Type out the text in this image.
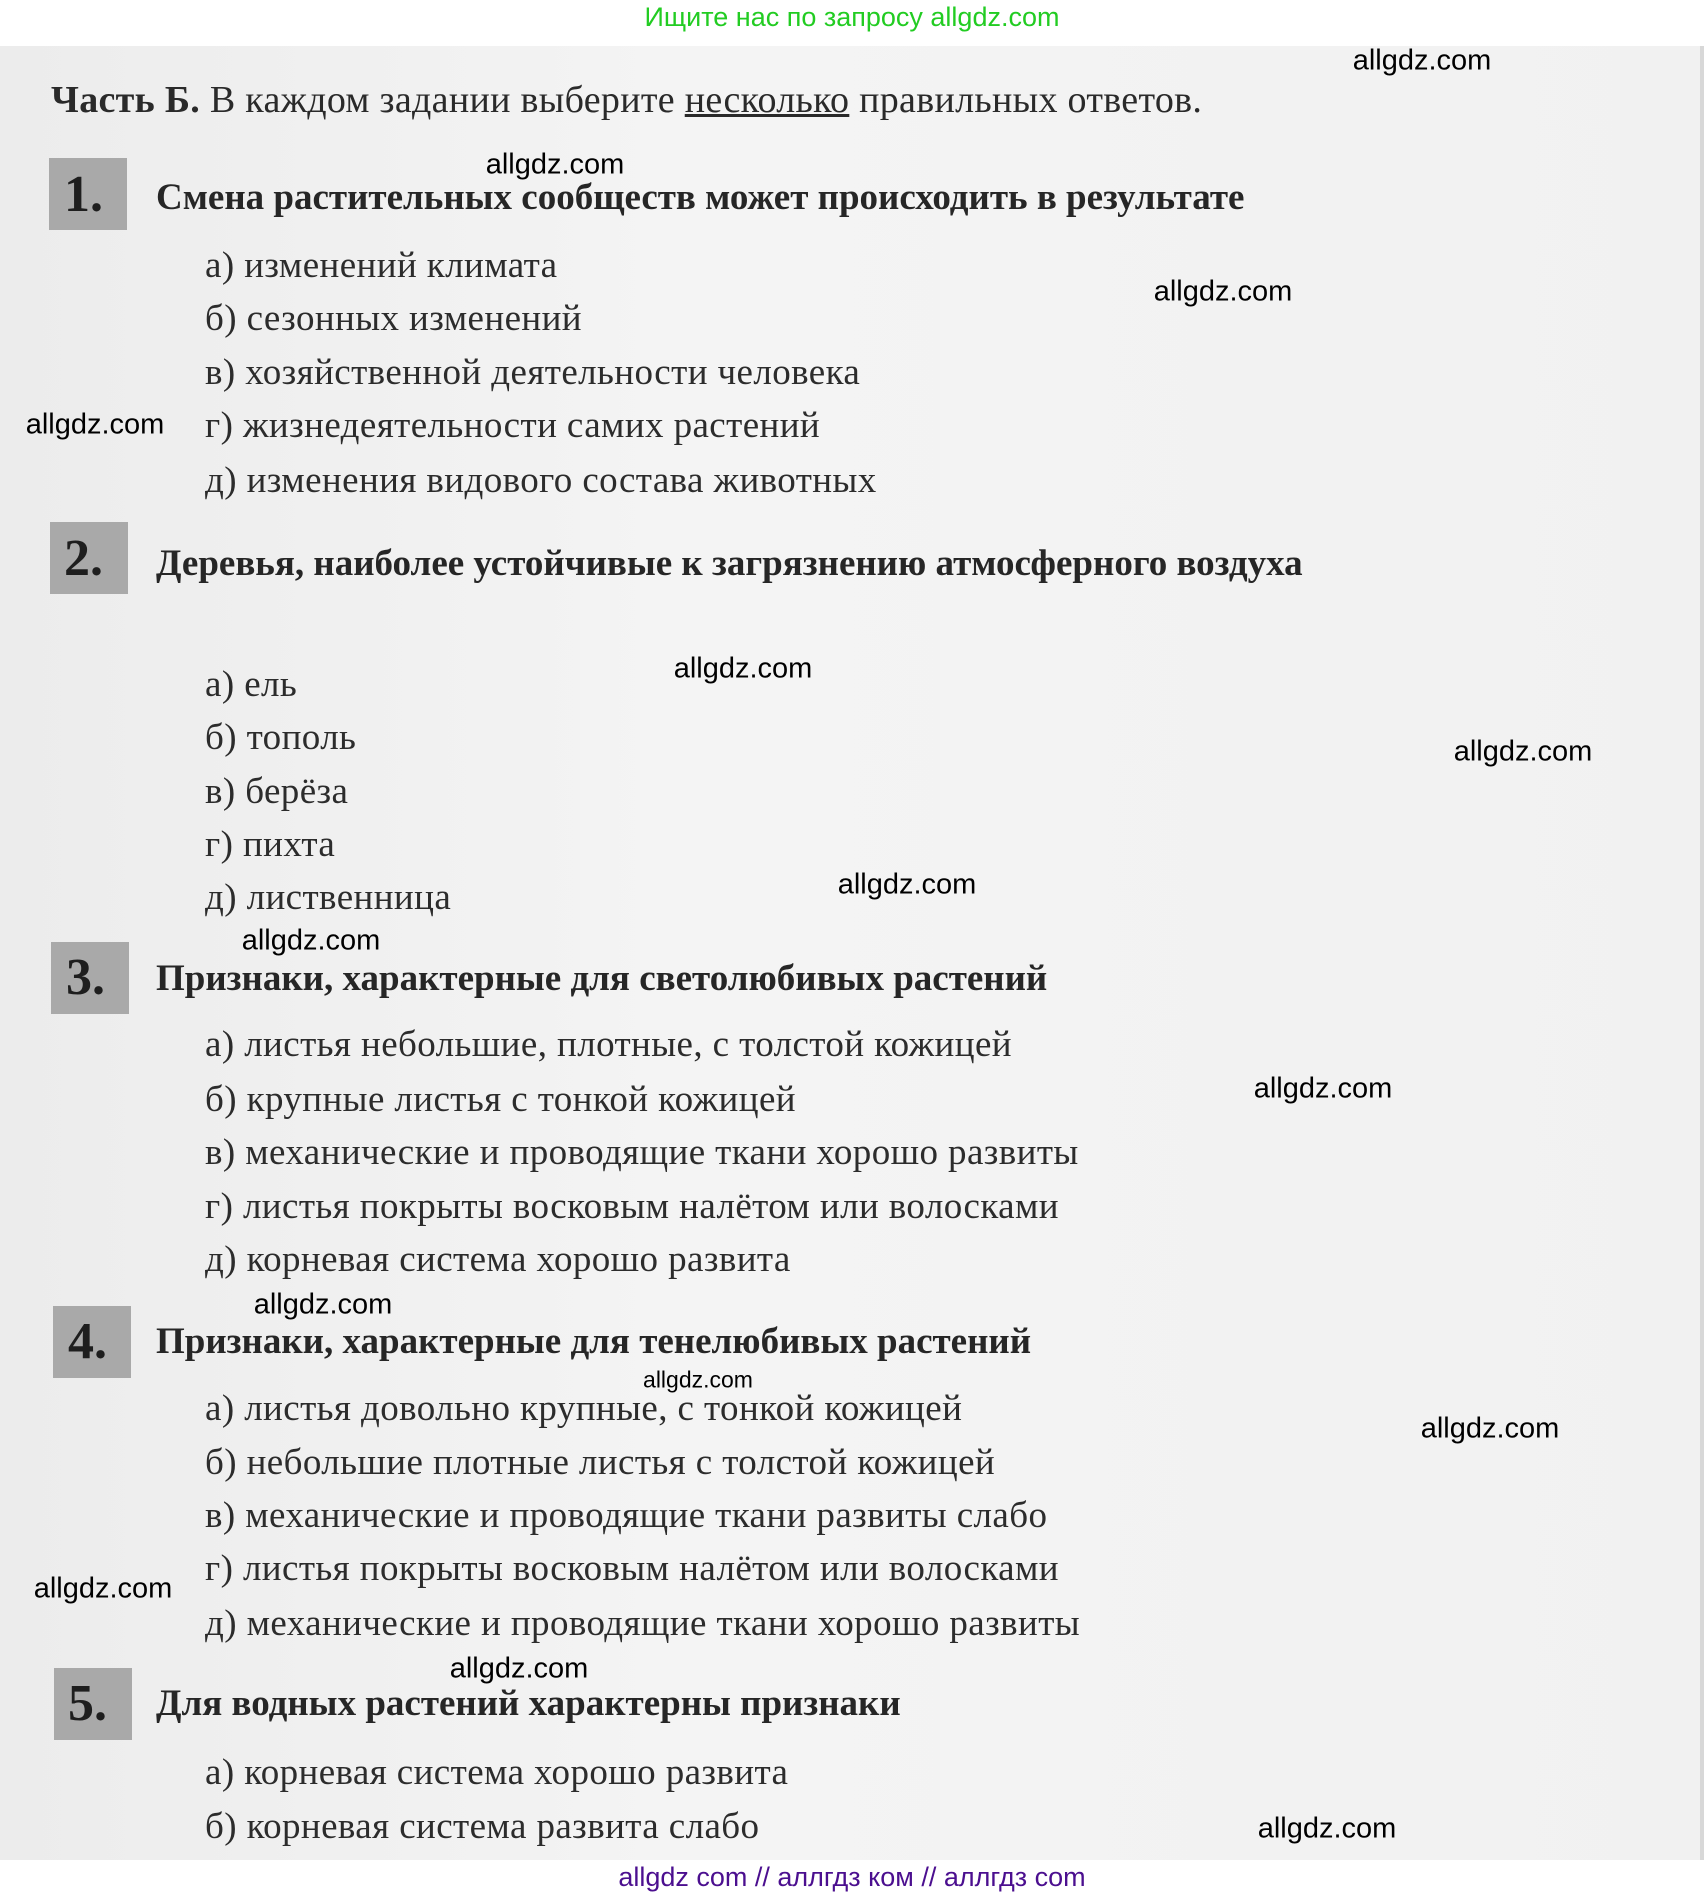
Ищите нас по запросу allgdz.com
Часть Б. В каждом задании выберите несколько правильных ответов.
1. Смена растительных сообществ может происходить в результате
а) изменений климата
б) сезонных изменений
в) хозяйственной деятельности человека
г) жизнедеятельности самих растений
д) изменения видового состава животных
2. Деревья, наиболее устойчивые к загрязнению атмосферного воздуха
а) ель
б) тополь
в) берёза
г) пихта
д) лиственница
3. Признаки, характерные для светолюбивых растений
а) листья небольшие, плотные, с толстой кожицей
б) крупные листья с тонкой кожицей
в) механические и проводящие ткани хорошо развиты
г) листья покрыты восковым налётом или волосками
д) корневая система хорошо развита
4. Признаки, характерные для тенелюбивых растений
а) листья довольно крупные, с тонкой кожицей
б) небольшие плотные листья с толстой кожицей
в) механические и проводящие ткани развиты слабо
г) листья покрыты восковым налётом или волосками
д) механические и проводящие ткани хорошо развиты
5. Для водных растений характерны признаки
а) корневая система хорошо развита
б) корневая система развита слабо
allgdz.com
allgdz.com
allgdz.com
allgdz.com
allgdz.com
allgdz.com
allgdz.com
allgdz.com
allgdz.com
allgdz.com
allgdz.com
allgdz.com
allgdz.com
allgdz.com
allgdz.com
allgdz com // аллгдз ком // аллгдз com
